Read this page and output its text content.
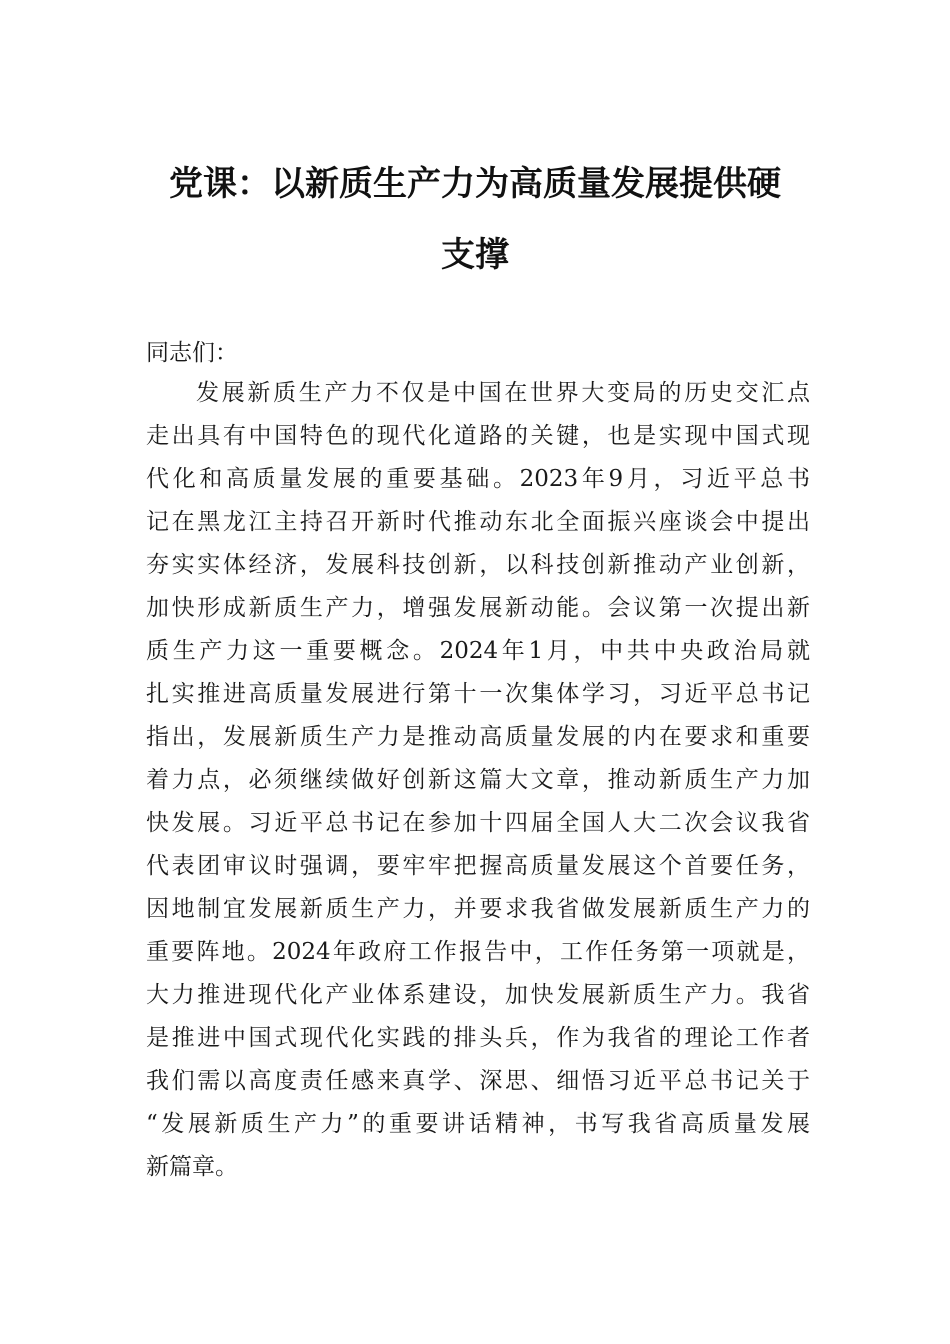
党课：以新质生产力为高质量发展提供硬
支撑
同志们：
发展新质生产力不仅是中国在世界大变局的历史交汇点
走出具有中国特色的现代化道路的关键，也是实现中国式现
代化和高质量发展的重要基础。2023年9月，习近平总书
记在黑龙江主持召开新时代推动东北全面振兴座谈会中提出
夯实实体经济，发展科技创新，以科技创新推动产业创新，
加快形成新质生产力，增强发展新动能。会议第一次提出新
质生产力这一重要概念。2024年1月，中共中央政治局就
扎实推进高质量发展进行第十一次集体学习，习近平总书记
指出，发展新质生产力是推动高质量发展的内在要求和重要
着力点，必须继续做好创新这篇大文章，推动新质生产力加
快发展。习近平总书记在参加十四届全国人大二次会议我省
代表团审议时强调，要牢牢把握高质量发展这个首要任务，
因地制宜发展新质生产力，并要求我省做发展新质生产力的
重要阵地。2024年政府工作报告中，工作任务第一项就是，
大力推进现代化产业体系建设，加快发展新质生产力。我省
是推进中国式现代化实践的排头兵，作为我省的理论工作者
我们需以高度责任感来真学、深思、细悟习近平总书记关于
“发展新质生产力”的重要讲话精神，书写我省高质量发展
新篇章。
